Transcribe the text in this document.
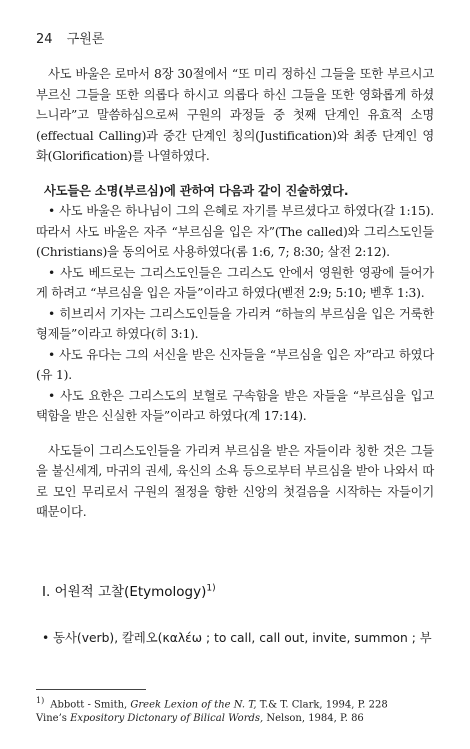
24 구원론

사도 바울은 로마서 8장 30절에서 “또 미리 정하신 그들을 또한 부르시고 부르신 그들을 또한 의롭다 하시고 의롭다 하신 그들을 또한 영화롭게 하셨느니라”고 말씀하심으로써 구원의 과정들 중 첫째 단계인 유효적 소명(effectual Calling)과 중간 단계인 칭의(Justification)와 최종 단계인 영화(Glorification)를 나열하였다.

사도들은 소명(부르심)에 관하여 다음과 같이 진술하였다.

• 사도 바울은 하나님이 그의 은혜로 자기를 부르셨다고 하였다(갈 1:15). 따라서 사도 바울은 자주 “부르심을 입은 자”(The called)와 그리스도인들(Christians)을 동의어로 사용하였다(롬 1:6, 7; 8:30; 살전 2:12).

• 사도 베드로는 그리스도인들은 그리스도 안에서 영원한 영광에 들어가게 하려고 “부르심을 입은 자들”이라고 하였다(벧전 2:9; 5:10; 벧후 1:3).

• 히브리서 기자는 그리스도인들을 가리켜 “하늘의 부르심을 입은 거룩한 형제들”이라고 하였다(히 3:1).

• 사도 유다는 그의 서신을 받은 신자들을 “부르심을 입은 자”라고 하였다(유 1).

• 사도 요한은 그리스도의 보혈로 구속함을 받은 자들을 “부르심을 입고 택함을 받은 신실한 자들”이라고 하였다(계 17:14).

사도들이 그리스도인들을 가리켜 부르심을 받은 자들이라 칭한 것은 그들을 불신세계, 마귀의 권세, 육신의 소욕 등으로부터 부르심을 받아 나와서 따로 모인 무리로서 구원의 절정을 향한 신앙의 첫걸음을 시작하는 자들이기 때문이다.

Ⅰ. 어원적 고찰(Etymology)$^{1)}$
• 동사(verb), 칼레오(καλέω ; to call, call out, invite, summon ; 부
$^{1)}$ Abbott - Smith, Greek Lexion of the N. T, T.& T. Clark, 1994, P. 228
Vine’s Expository Dictonary of Bilical Words, Nelson, 1984, P. 86
